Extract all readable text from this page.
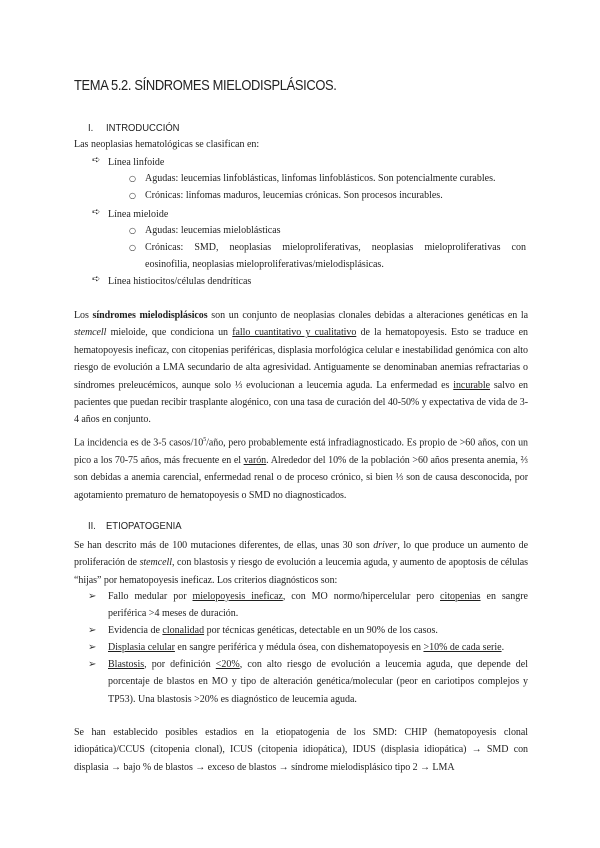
TEMA 5.2. SÍNDROMES MIELODISPLÁSICOS.
I. INTRODUCCIÓN

Las neoplasias hematológicas se clasifican en:

➪ Línea linfoide

○ Agudas: leucemias linfoblásticas, linfomas linfoblásticos. Son potencialmente curables.

○ Crónicas: linfomas maduros, leucemias crónicas. Son procesos incurables.

➪ Línea mieloide

○ Agudas: leucemias mieloblásticas

○ Crónicas: SMD, neoplasias mieloproliferativas, neoplasias mieloproliferativas con

eosinofilia, neoplasias mieloproliferativas/mielodisplásicas.

➪ Línea histiocitos/células dendríticas

Los síndromes mielodisplásicos son un conjunto de neoplasias clonales debidas a alteraciones genéticas en la stemcell mieloide, que condiciona un fallo cuantitativo y cualitativo de la hematopoyesis. Esto se traduce en hematopoyesis ineficaz, con citopenias periféricas, displasia morfológica celular e inestabilidad genómica con alto riesgo de evolución a LMA secundario de alta agresividad. Antiguamente se denominaban anemias refractarias o síndromes preleucémicos, aunque solo ⅓ evolucionan a leucemia aguda. La enfermedad es incurable salvo en pacientes que puedan recibir trasplante alogénico, con una tasa de curación del 40-50% y expectativa de vida de 3-4 años en conjunto.

La incidencia es de 3-5 casos/$10^5$/año, pero probablemente está infradiagnosticado. Es propio de >60 años, con un pico a los 70-75 años, más frecuente en el varón. Alrededor del 10% de la población >60 años presenta anemia, ⅔ son debidas a anemia carencial, enfermedad renal o de proceso crónico, si bien ⅓ son de causa desconocida, por agotamiento prematuro de hematopoyesis o SMD no diagnosticados.

II. ETIOPATOGENIA

Se han descrito más de 100 mutaciones diferentes, de ellas, unas 30 son driver, lo que produce un aumento de proliferación de stemcell, con blastosis y riesgo de evolución a leucemia aguda, y aumento de apoptosis de células “hijas” por hematopoyesis ineficaz. Los criterios diagnósticos son:

➢ Fallo medular por mielopoyesis ineficaz, con MO normo/hipercelular pero citopenias en sangre periférica >4 meses de duración.

➢ Evidencia de clonalidad por técnicas genéticas, detectable en un 90% de los casos.

➢ Displasia celular en sangre periférica y médula ósea, con dishematopoyesis en >10% de cada serie.

➢ Blastosis, por definición <20%, con alto riesgo de evolución a leucemia aguda, que depende del porcentaje de blastos en MO y tipo de alteración genética/molecular (peor en cariotipos complejos y TP53). Una blastosis >20% es diagnóstico de leucemia aguda.

Se han establecido posibles estadios en la etiopatogenia de los SMD: CHIP (hematopoyesis clonal idiopática)/CCUS (citopenia clonal), ICUS (citopenia idiopática), IDUS (displasia idiopática) → SMD con displasia → bajo % de blastos → exceso de blastos → síndrome mielodisplásico tipo 2 → LMA
